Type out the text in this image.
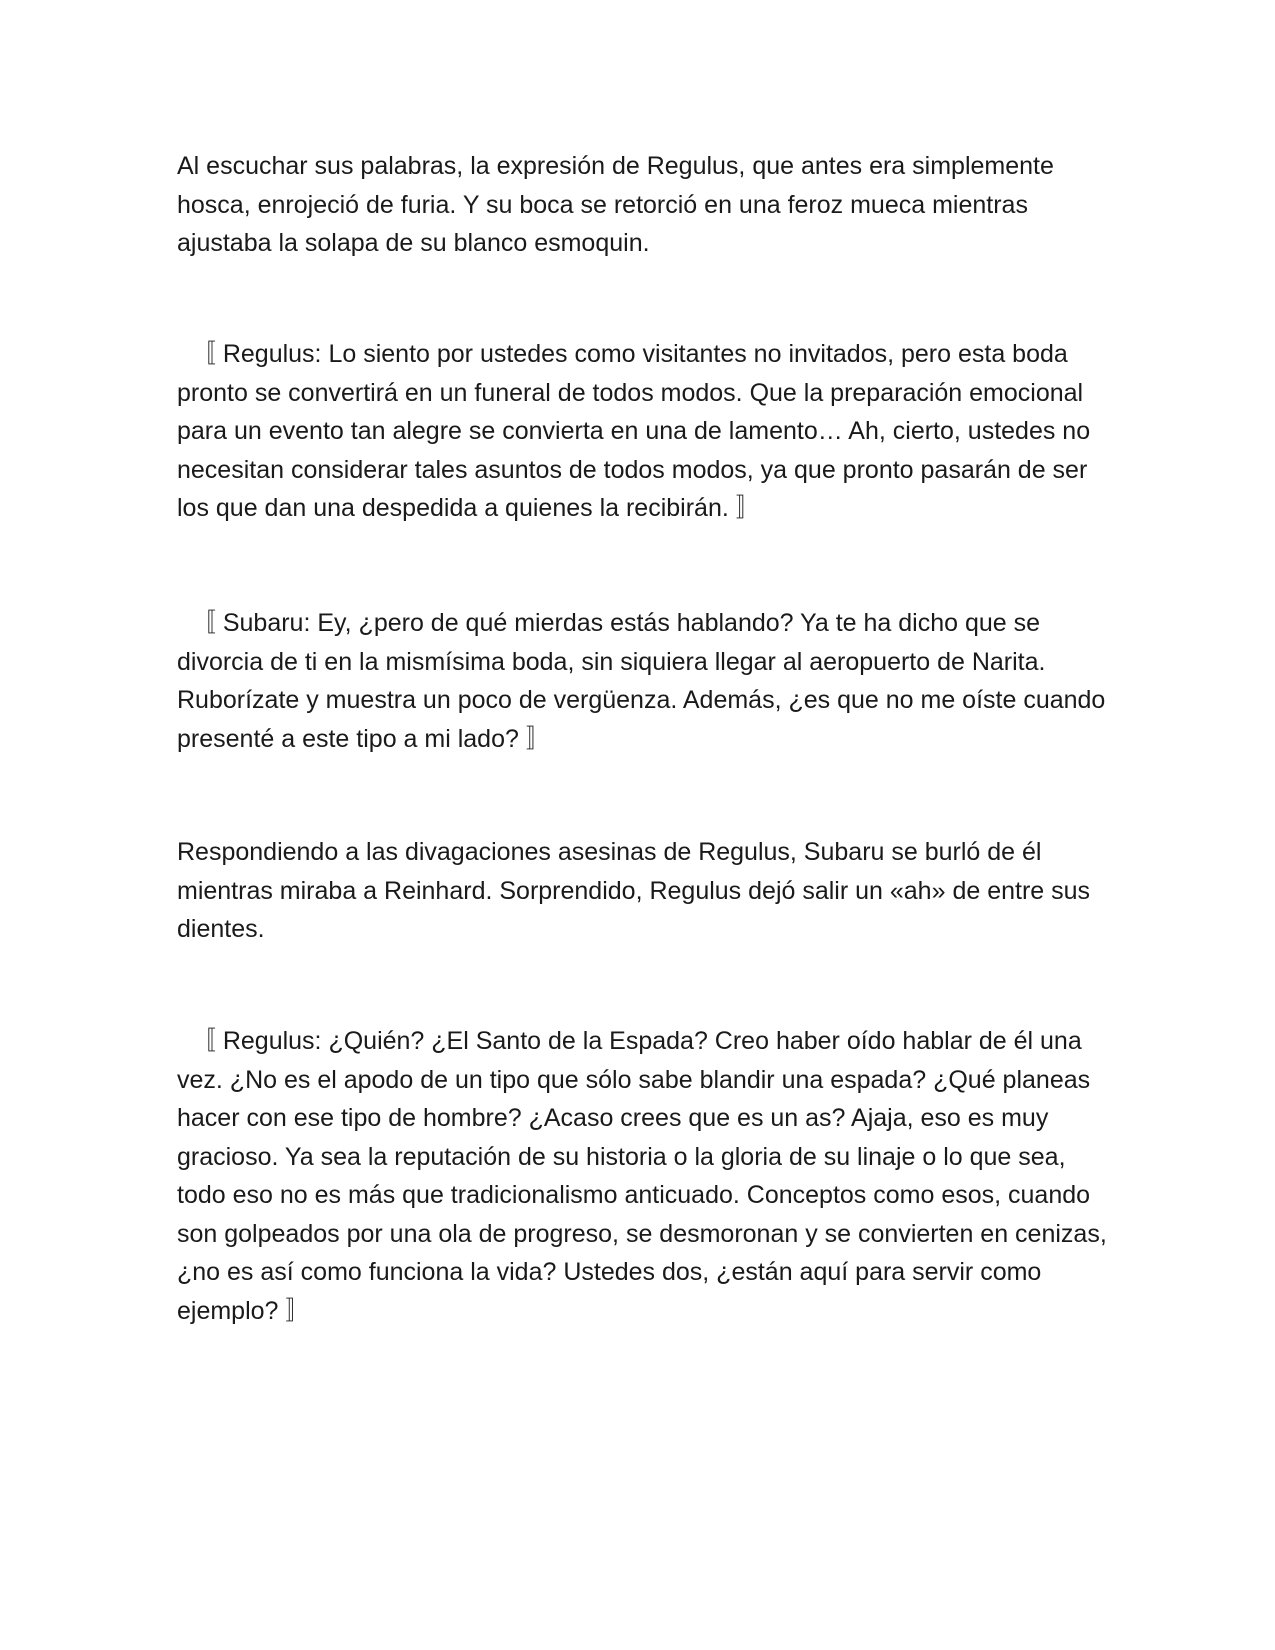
Al escuchar sus palabras, la expresión de Regulus, que antes era simplemente hosca, enrojeció de furia. Y su boca se retorció en una feroz mueca mientras ajustaba la solapa de su blanco esmoquin.

〚 Regulus: Lo siento por ustedes como visitantes no invitados, pero esta boda pronto se convertirá en un funeral de todos modos. Que la preparación emocional para un evento tan alegre se convierta en una de lamento… Ah, cierto, ustedes no necesitan considerar tales asuntos de todos modos, ya que pronto pasarán de ser los que dan una despedida a quienes la recibirán. 〛

〚 Subaru: Ey, ¿pero de qué mierdas estás hablando? Ya te ha dicho que se divorcia de ti en la mismísima boda, sin siquiera llegar al aeropuerto de Narita. Ruborízate y muestra un poco de vergüenza. Además, ¿es que no me oíste cuando presenté a este tipo a mi lado? 〛

Respondiendo a las divagaciones asesinas de Regulus, Subaru se burló de él mientras miraba a Reinhard. Sorprendido, Regulus dejó salir un «ah» de entre sus dientes.

〚 Regulus: ¿Quién? ¿El Santo de la Espada? Creo haber oído hablar de él una vez. ¿No es el apodo de un tipo que sólo sabe blandir una espada? ¿Qué planeas hacer con ese tipo de hombre? ¿Acaso crees que es un as? Ajaja, eso es muy gracioso. Ya sea la reputación de su historia o la gloria de su linaje o lo que sea, todo eso no es más que tradicionalismo anticuado. Conceptos como esos, cuando son golpeados por una ola de progreso, se desmoronan y se convierten en cenizas, ¿no es así como funciona la vida? Ustedes dos, ¿están aquí para servir como ejemplo? 〛
